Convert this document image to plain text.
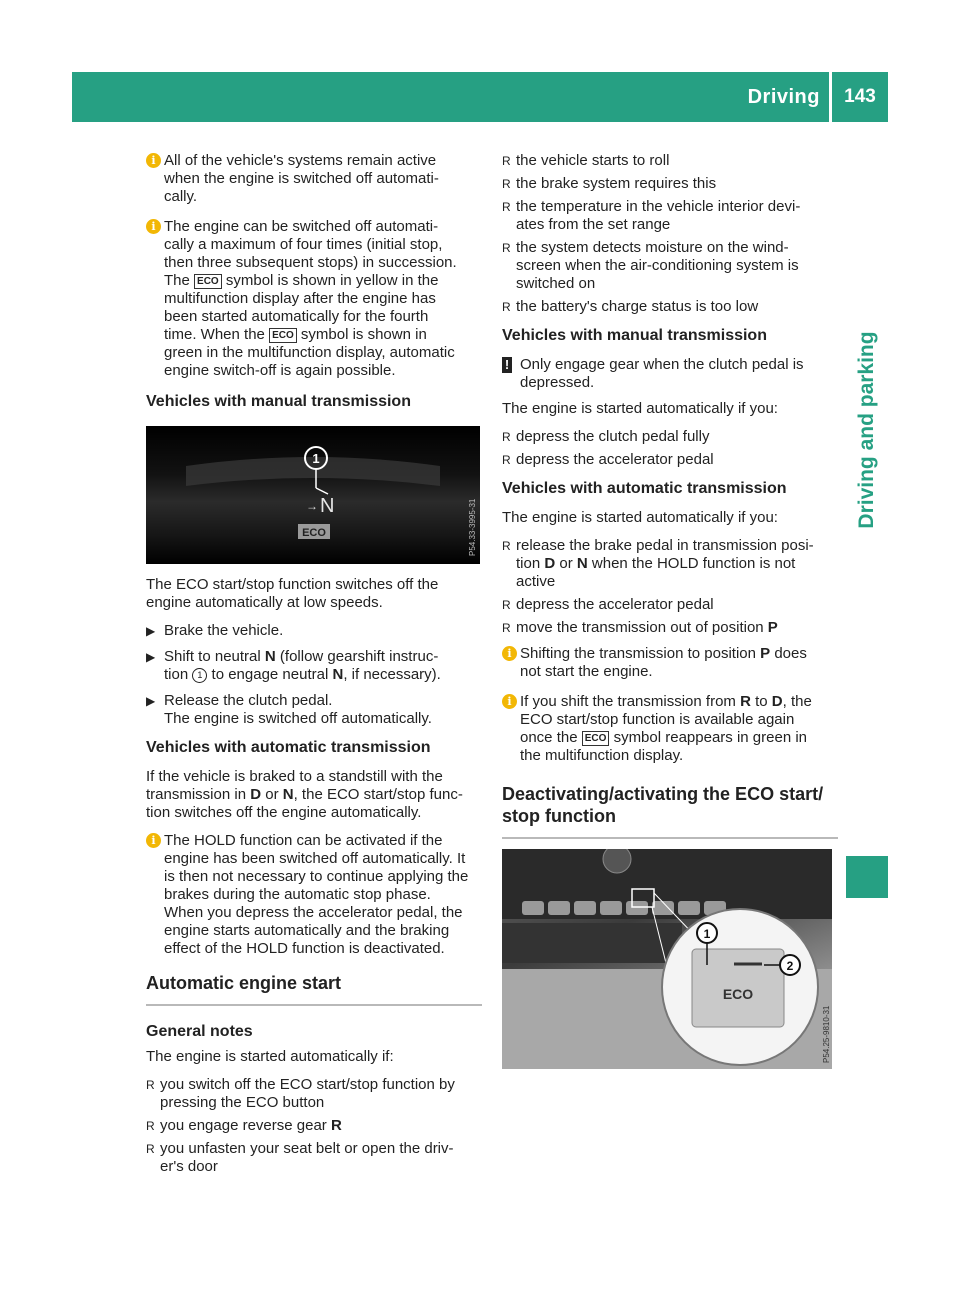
Driving	143
Driving and parking
i All of the vehicle's systems remain active

when the engine is switched off automati-

cally.

i The engine can be switched off automati-

cally a maximum of four times (initial stop,

then three subsequent stops) in succession.

The ECO symbol is shown in yellow in the

multifunction display after the engine has

been started automatically for the fourth

time. When the ECO symbol is shown in

green in the multifunction display, automatic

engine switch-off is again possible.

Vehicles with manual transmission
1
→ N
ECO	P54.33-3995-31

The ECO start/stop function switches off the

engine automatically at low speeds.

▶ Brake the vehicle.

▶ Shift to neutral N (follow gearshift instruc-

tion 1 to engage neutral N, if necessary).

▶ Release the clutch pedal.

The engine is switched off automatically.

Vehicles with automatic transmission

If the vehicle is braked to a standstill with the

transmission in D or N, the ECO start/stop func-

tion switches off the engine automatically.

i The HOLD function can be activated if the

engine has been switched off automatically. It

is then not necessary to continue applying the

brakes during the automatic stop phase.

When you depress the accelerator pedal, the

engine starts automatically and the braking

effect of the HOLD function is deactivated.

Automatic engine start
General notes

The engine is started automatically if:

R you switch off the ECO start/stop function by

pressing the ECO button

R you engage reverse gear R

R you unfasten your seat belt or open the driv-

er's door

R the vehicle starts to roll
R the brake system requires this

R the temperature in the vehicle interior devi-

ates from the set range

R the system detects moisture on the wind-

screen when the air-conditioning system is

switched on

R the battery's charge status is too low
Vehicles with manual transmission
! Only engage gear when the clutch pedal is

depressed.

The engine is started automatically if you:

R depress the clutch pedal fully
R depress the accelerator pedal
Vehicles with automatic transmission

The engine is started automatically if you:

R release the brake pedal in transmission posi-

tion D or N when the HOLD function is not

active

R depress the accelerator pedal
R move the transmission out of position P
i Shifting the transmission to position P does

not start the engine.

i If you shift the transmission from R to D, the

ECO start/stop function is available again

once the ECO symbol reappears in green in

the multifunction display.

Deactivating/activating the ECO start/
stop function
1
2
ECO
P54.25-9810-31
